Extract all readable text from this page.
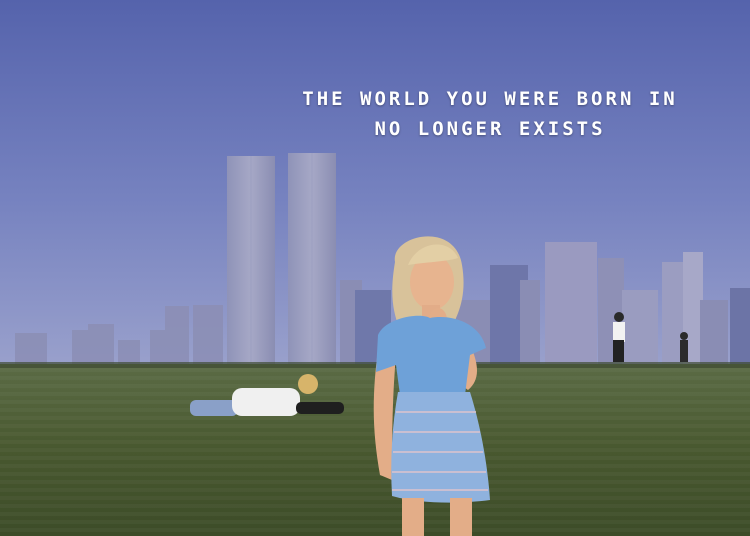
THE WORLD YOU WERE BORN IN
NO LONGER EXISTS
